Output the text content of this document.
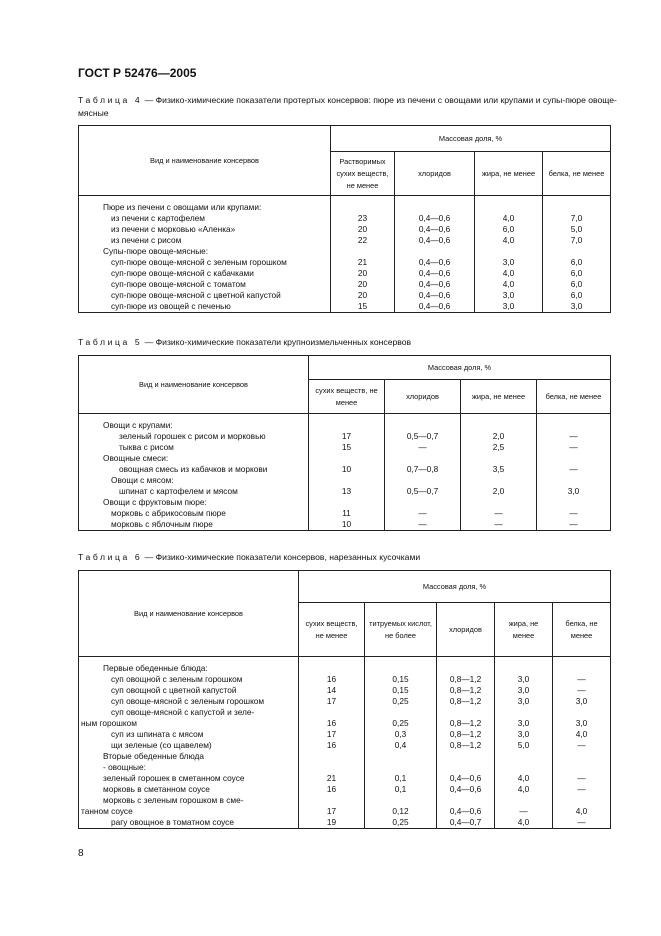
ГОСТ Р 52476—2005

Таблица 4 — Физико-химические показатели протертых консервов: пюре из печени с овощами или крупами и супы-пюре овоще-мясные

Вид и наименование консервов	Массовая доля, %			
	Растворимых сухих веществ, не менее	хлоридов	жира, не менее	белка, не менее

Пюре из печени с овощами или крупами:				
из печени с картофелем	23	0,4—0,6	4,0	7,0
из печени с морковью «Аленка»	20	0,4—0,6	6,0	5,0
из печени с рисом	22	0,4—0,6	4,0	7,0
Супы-пюре овоще-мясные:				
суп-пюре овоще-мясной с зеленым горошком	21	0,4—0,6	3,0	6,0
суп-пюре овоще-мясной с кабачками	20	0,4—0,6	4,0	6,0
суп-пюре овоще-мясной с томатом	20	0,4—0,6	4,0	6,0
суп-пюре овоще-мясной с цветной капустой	20	0,4—0,6	3,0	6,0
суп-пюре из овощей с печенью	15	0,4—0,6	3,0	3,0

Таблица 5 — Физико-химические показатели крупноизмельченных консервов

Вид и наименование консервов	Массовая доля, %			
	сухих веществ, не менее	хлоридов	жира, не менее	белка, не менее

Овощи с крупами:				
зеленый горошек с рисом и морковью	17	0,5—0,7	2,0	—
тыква с рисом	15	—	2,5	—
Овощные смеси:				
овощная смесь из кабачков и моркови	10	0,7—0,8	3,5	—
Овощи с мясом:				
шпинат с картофелем и мясом	13	0,5—0,7	2,0	3,0
Овощи с фруктовым пюре:				
морковь с абрикосовым пюре	11	—	—	—
морковь с яблочным пюре	10	—	—	—

Таблица 6 — Физико-химические показатели консервов, нарезанных кусочками

Вид и наименование консервов	Массовая доля, %				
	сухих веществ, не менее	титруемых кислот, не более	хлоридов	жира, не менее	белка, не менее

Первые обеденные блюда:					
суп овощной с зеленым горошком	16	0,15	0,8—1,2	3,0	—
суп овощной с цветной капустой	14	0,15	0,8—1,2	3,0	—
суп овоще-мясной с зеленым горошком	17	0,25	0,8—1,2	3,0	3,0
суп овоще-мясной с капустой и зеле-					
ным горошком	16	0,25	0,8—1,2	3,0	3,0
суп из шпината с мясом	17	0,3	0,8—1,2	3,0	4,0
щи зеленые (со щавелем)	16	0,4	0,8—1,2	5,0	—
Вторые обеденные блюда					
- овощные:					
зеленый горошек в сметанном соусе	21	0,1	0,4—0,6	4,0	—
морковь в сметанном соусе	16	0,1	0,4—0,6	4,0	—
морковь с зеленым горошком в сме-					
танном соусе	17	0,12	0,4—0,6	—	4,0
рагу овощное в томатном соусе	19	0,25	0,4—0,7	4,0	—
8
